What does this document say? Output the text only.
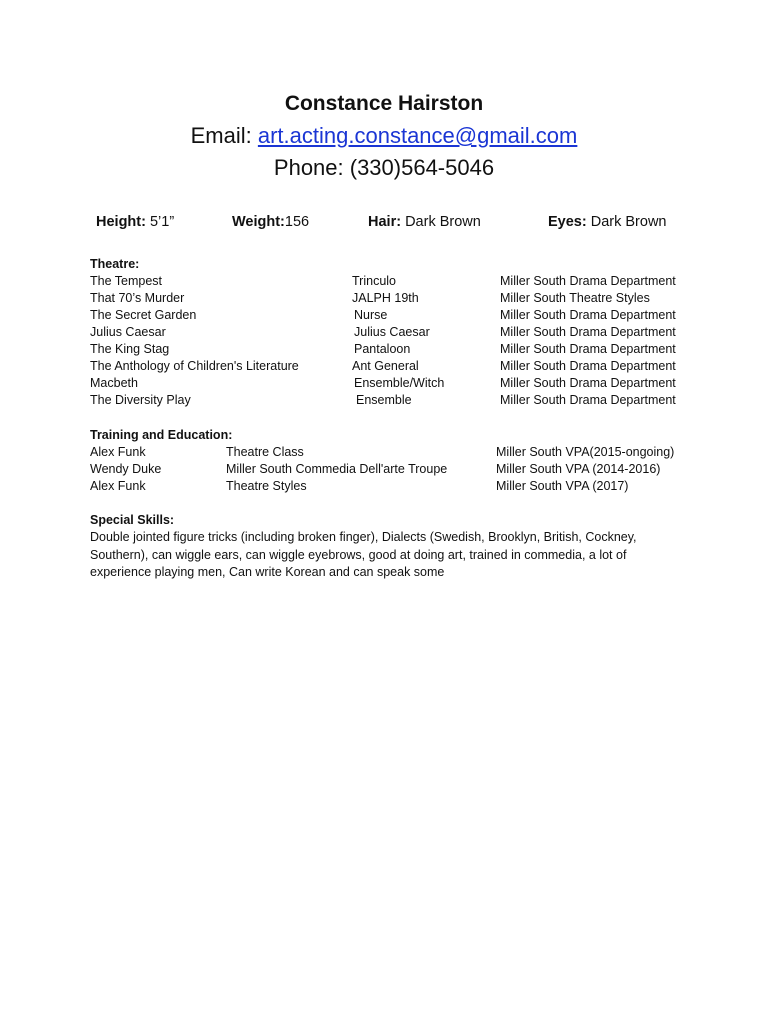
Constance Hairston
Email: art.acting.constance@gmail.com
Phone: (330)564-5046
Height: 5’1”	Weight:156	Hair: Dark Brown	Eyes: Dark Brown
Theatre:
The Tempest	Trinculo	Miller South Drama Department
That 70’s Murder	JALPH 19th	Miller South Theatre Styles
The Secret Garden	Nurse	Miller South Drama Department
Julius Caesar	Julius Caesar	Miller South Drama Department
The King Stag	Pantaloon	Miller South Drama Department
The Anthology of Children's Literature	Ant General	Miller South Drama Department
Macbeth	Ensemble/Witch	Miller South Drama Department
The Diversity Play	Ensemble	Miller South Drama Department
Training and Education:
Alex Funk	Theatre Class	Miller South VPA(2015-ongoing)
Wendy Duke	Miller South Commedia Dell'arte Troupe	Miller South VPA (2014-2016)
Alex Funk	Theatre Styles	Miller South VPA (2017)
Special Skills:
Double jointed figure tricks (including broken finger), Dialects (Swedish, Brooklyn, British, Cockney, Southern), can wiggle ears, can wiggle eyebrows, good at doing art, trained in commedia, a lot of experience playing men, Can write Korean and can speak some
